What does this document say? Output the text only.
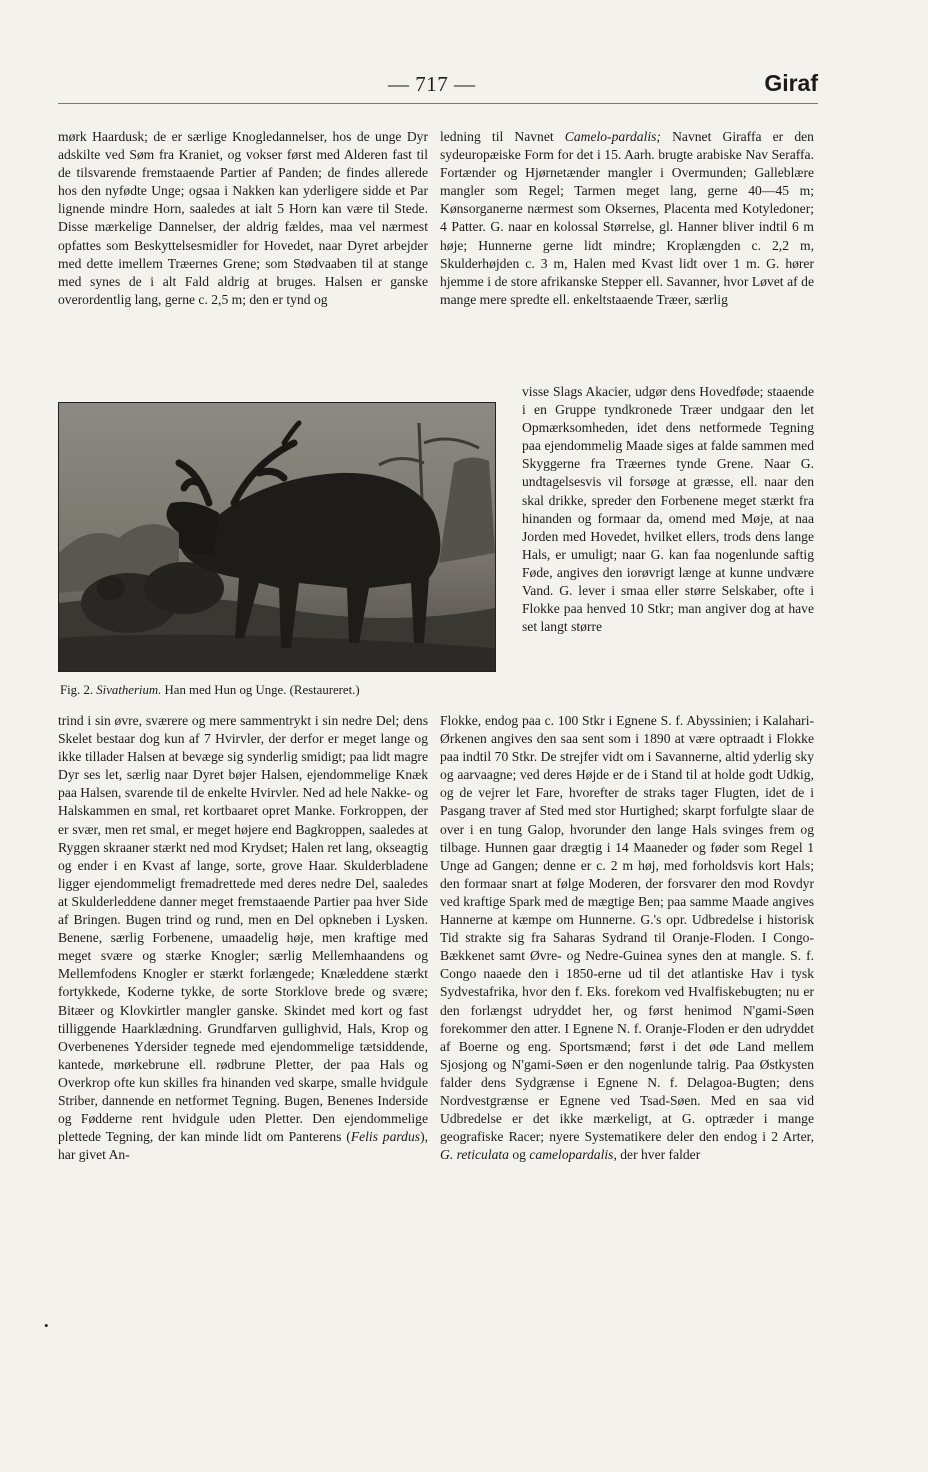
— 717 —	Giraf

mørk Haardusk; de er særlige Knogledannelser, hos de unge Dyr adskilte ved Søm fra Kraniet, og vokser først med Alderen fast til de tilsvarende fremstaaende Partier af Panden; de findes allerede hos den nyfødte Unge; ogsaa i Nakken kan yderligere sidde et Par lignende mindre Horn, saaledes at ialt 5 Horn kan være til Stede. Disse mærkelige Dannelser, der aldrig fældes, maa vel nærmest opfattes som Beskyttelsesmidler for Hovedet, naar Dyret arbejder med dette imellem Træernes Grene; som Stødvaaben til at stange med synes de i alt Fald aldrig at bruges. Halsen er ganske overordentlig lang, gerne c. 2,5 m; den er tynd og

Fig. 2. Sivatherium. Han med Hun og Unge. (Restaureret.)

trind i sin øvre, sværere og mere sammentrykt i sin nedre Del; dens Skelet bestaar dog kun af 7 Hvirvler, der derfor er meget lange og ikke tillader Halsen at bevæge sig synderlig smidigt; paa lidt magre Dyr ses let, særlig naar Dyret bøjer Halsen, ejendommelige Knæk paa Halsen, svarende til de enkelte Hvirvler. Ned ad hele Nakke- og Halskammen en smal, ret kortbaaret opret Manke. Forkroppen, der er svær, men ret smal, er meget højere end Bagkroppen, saaledes at Ryggen skraaner stærkt ned mod Krydset; Halen ret lang, okseagtig og ender i en Kvast af lange, sorte, grove Haar. Skulderbladene ligger ejendommeligt fremadrettede med deres nedre Del, saaledes at Skulderleddene danner meget fremstaaende Partier paa hver Side af Bringen. Bugen trind og rund, men en Del opkneben i Lysken. Benene, særlig Forbenene, umaadelig høje, men kraftige med meget svære og stærke Knogler; særlig Mellemhaandens og Mellemfodens Knogler er stærkt forlængede; Knæleddene stærkt fortykkede, Koderne tykke, de sorte Storklove brede og svære; Bitæer og Klovkirtler mangler ganske. Skindet med kort og fast tilliggende Haarklædning. Grundfarven gullighvid, Hals, Krop og Overbenenes Ydersider tegnede med ejendommelige tætsiddende, kantede, mørkebrune ell. rødbrune Pletter, der paa Hals og Overkrop ofte kun skilles fra hinanden ved skarpe, smalle hvidgule Striber, dannende en netformet Tegning. Bugen, Benenes Inderside og Fødderne rent hvidgule uden Pletter. Den ejendommelige plettede Tegning, der kan minde lidt om Panterens (Felis pardus), har givet An-

ledning til Navnet Camelo-pardalis; Navnet Giraffa er den sydeuropæiske Form for det i 15. Aarh. brugte arabiske Nav Seraffa. Fortænder og Hjørnetænder mangler i Overmunden; Galleblære mangler som Regel; Tarmen meget lang, gerne 40—45 m; Kønsorganerne nærmest som Oksernes, Placenta med Kotyledoner; 4 Patter. G. naar en kolossal Størrelse, gl. Hanner bliver indtil 6 m høje; Hunnerne gerne lidt mindre; Kroplængden c. 2,2 m, Skulderhøjden c. 3 m, Halen med Kvast lidt over 1 m. G. hører hjemme i de store afrikanske Stepper ell. Savanner, hvor Løvet af de mange mere spredte ell. enkeltstaaende Træer, særlig

visse Slags Akacier, udgør dens Hovedføde; staaende i en Gruppe tyndkronede Træer undgaar den let Opmærksomheden, idet dens netformede Tegning paa ejendommelig Maade siges at falde sammen med Skyggerne fra Træernes tynde Grene. Naar G. undtagelsesvis vil forsøge at græsse, ell. naar den skal drikke, spreder den Forbenene meget stærkt fra hinanden og formaar da, omend med Møje, at naa Jorden med Hovedet, hvilket ellers, trods dens lange Hals, er umuligt; naar G. kan faa nogenlunde saftig Føde, angives den iorøvrigt længe at kunne undvære Vand. G. lever i smaa eller større Selskaber, ofte i Flokke paa henved 10 Stkr; man angiver dog at have set langt større

Flokke, endog paa c. 100 Stkr i Egnene S. f. Abyssinien; i Kalahari-Ørkenen angives den saa sent som i 1890 at være optraadt i Flokke paa indtil 70 Stkr. De strejfer vidt om i Savannerne, altid yderlig sky og aarvaagne; ved deres Højde er de i Stand til at holde godt Udkig, og de vejrer let Fare, hvorefter de straks tager Flugten, idet de i Pasgang traver af Sted med stor Hurtighed; skarpt forfulgte slaar de over i en tung Galop, hvorunder den lange Hals svinges frem og tilbage. Hunnen gaar drægtig i 14 Maaneder og føder som Regel 1 Unge ad Gangen; denne er c. 2 m høj, med forholdsvis kort Hals; den formaar snart at følge Moderen, der forsvarer den mod Rovdyr ved kraftige Spark med de mægtige Ben; paa samme Maade angives Hannerne at kæmpe om Hunnerne. G.'s opr. Udbredelse i historisk Tid strakte sig fra Saharas Sydrand til Oranje-Floden. I Congo-Bækkenet samt Øvre- og Nedre-Guinea synes den at mangle. S. f. Congo naaede den i 1850-erne ud til det atlantiske Hav i tysk Sydvestafrika, hvor den f. Eks. forekom ved Hvalfiskebugten; nu er den forlængst udryddet her, og først henimod N'gami-Søen forekommer den atter. I Egnene N. f. Oranje-Floden er den udryddet af Boerne og eng. Sportsmænd; først i det øde Land mellem Sjosjong og N'gami-Søen er den nogenlunde talrig. Paa Østkysten falder dens Sydgrænse i Egnene N. f. Delagoa-Bugten; dens Nordvestgrænse er Egnene ved Tsad-Søen. Med en saa vid Udbredelse er det ikke mærkeligt, at G. optræder i mange geografiske Racer; nyere Systematikere deler den endog i 2 Arter, G. reticulata og camelopardalis, der hver falder

•
